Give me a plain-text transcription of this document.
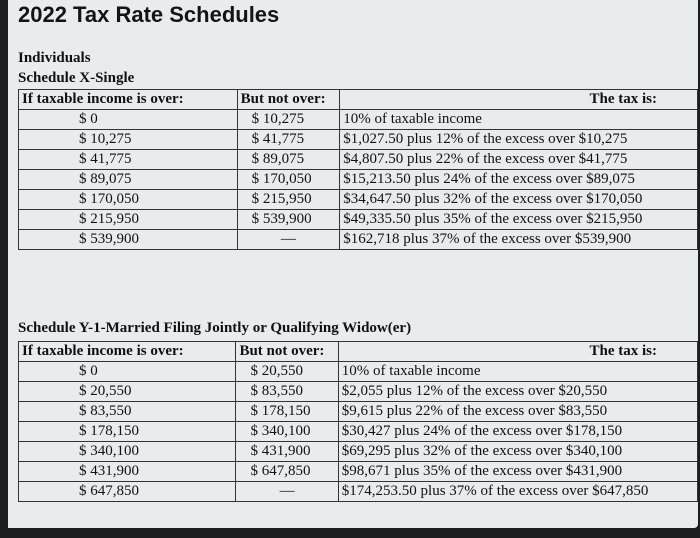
2022 Tax Rate Schedules
Individuals
Schedule X-Single
If taxable income is over:	But not over:	The tax is:
$ 0	$ 10,275	10% of taxable income
$ 10,275	$ 41,775	$1,027.50 plus 12% of the excess over $10,275
$ 41,775	$ 89,075	$4,807.50 plus 22% of the excess over $41,775
$ 89,075	$ 170,050	$15,213.50 plus 24% of the excess over $89,075
$ 170,050	$ 215,950	$34,647.50 plus 32% of the excess over $170,050
$ 215,950	$ 539,900	$49,335.50 plus 35% of the excess over $215,950
$ 539,900	—	$162,718 plus 37% of the excess over $539,900
Schedule Y-1-Married Filing Jointly or Qualifying Widow(er)
If taxable income is over:	But not over:	The tax is:
$ 0	$ 20,550	10% of taxable income
$ 20,550	$ 83,550	$2,055 plus 12% of the excess over $20,550
$ 83,550	$ 178,150	$9,615 plus 22% of the excess over $83,550
$ 178,150	$ 340,100	$30,427 plus 24% of the excess over $178,150
$ 340,100	$ 431,900	$69,295 plus 32% of the excess over $340,100
$ 431,900	$ 647,850	$98,671 plus 35% of the excess over $431,900
$ 647,850	—	$174,253.50 plus 37% of the excess over $647,850
